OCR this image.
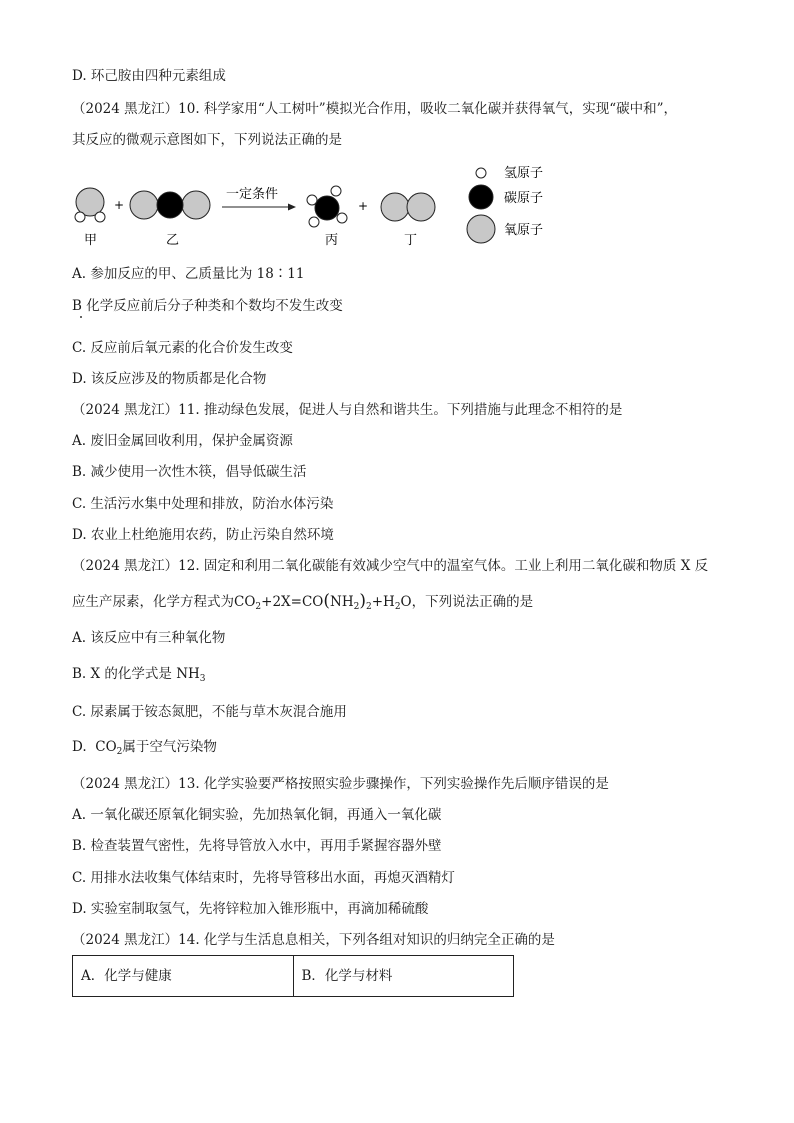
D. 环己胺由四种元素组成
（2024 黑龙江）10. 科学家用“人工树叶”模拟光合作用，吸收二氧化碳并获得氧气，实现“碳中和”，
其反应的微观示意图如下，下列说法正确的是
甲
+
乙
一定条件
丙
+
丁
氢原子
碳原子
氧原子
A. 参加反应的甲、乙质量比为 18∶11
B 化学反应前后分子种类和个数均不发生改变
C. 反应前后氧元素的化合价发生改变
D. 该反应涉及的物质都是化合物
（2024 黑龙江）11. 推动绿色发展，促进人与自然和谐共生。下列措施与此理念不相符的是
A. 废旧金属回收利用，保护金属资源
B. 减少使用一次性木筷，倡导低碳生活
C. 生活污水集中处理和排放，防治水体污染
D. 农业上杜绝施用农药，防止污染自然环境
（2024 黑龙江）12. 固定和利用二氧化碳能有效减少空气中的温室气体。工业上利用二氧化碳和物质 X 反
应生产尿素，化学方程式为$CO_2+2X=CO(NH_2)_2+H_2O$，下列说法正确的是
A. 该反应中有三种氧化物
B. X 的化学式是 $NH_3$
C. 尿素属于铵态氮肥，不能与草木灰混合施用
D. $CO_2$属于空气污染物
（2024 黑龙江）13. 化学实验要严格按照实验步骤操作，下列实验操作先后顺序错误的是
A. 一氧化碳还原氧化铜实验，先加热氧化铜，再通入一氧化碳
B. 检查装置气密性，先将导管放入水中，再用手紧握容器外壁
C. 用排水法收集气体结束时，先将导管移出水面，再熄灭酒精灯
D. 实验室制取氢气，先将锌粒加入锥形瓶中，再滴加稀硫酸
（2024 黑龙江）14. 化学与生活息息相关，下列各组对知识的归纳完全正确的是
A．化学与健康	B．化学与材料
